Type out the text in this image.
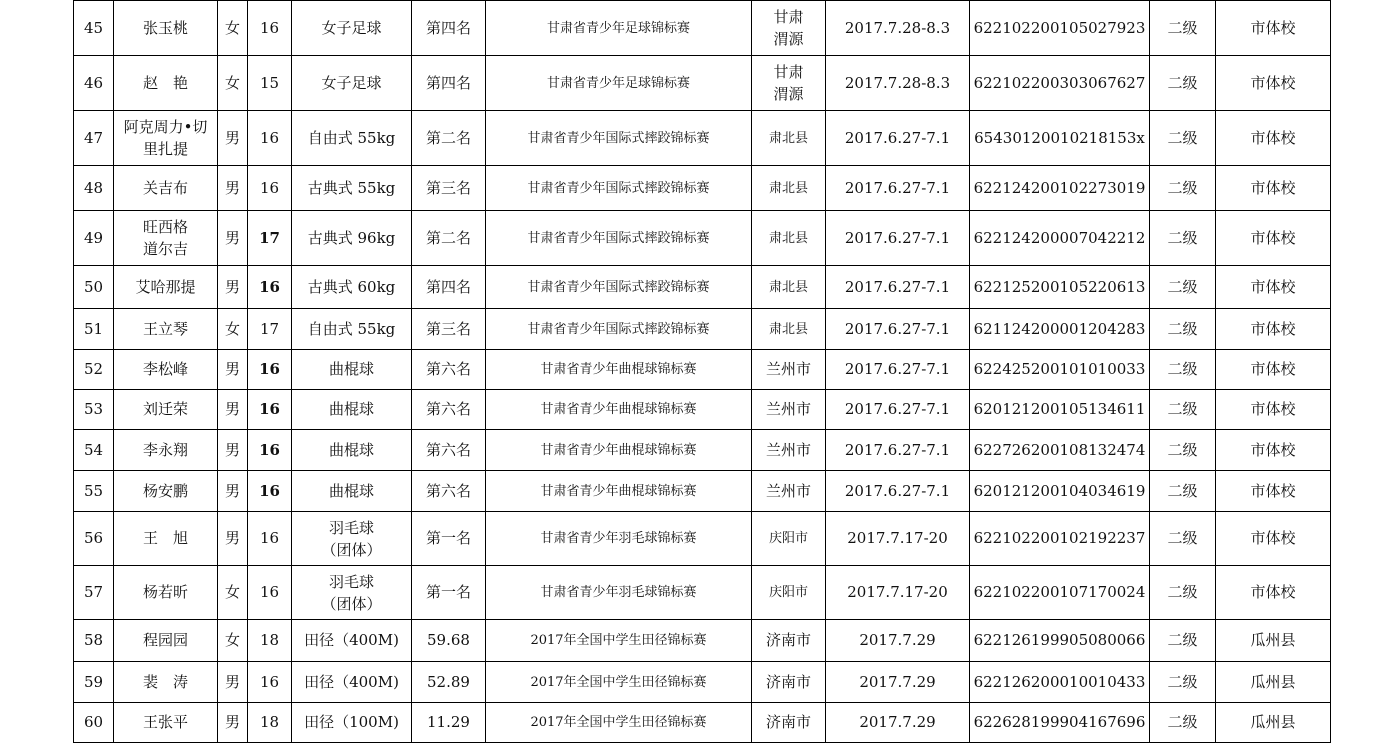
45	张玉桃	女	16	女子足球	第四名	甘肃省青少年足球锦标赛	甘肃
渭源	2017.7.28-8.3	622102200105027923	二级	市体校
46	赵　艳	女	15	女子足球	第四名	甘肃省青少年足球锦标赛	甘肃
渭源	2017.7.28-8.3	622102200303067627	二级	市体校
47	阿克周力•切
里扎提	男	16	自由式 55kg	第二名	甘肃省青少年国际式摔跤锦标赛	肃北县	2017.6.27-7.1	6543012001021815​3x	二级	市体校
48	关吉布	男	16	古典式 55kg	第三名	甘肃省青少年国际式摔跤锦标赛	肃北县	2017.6.27-7.1	622124200102273019	二级	市体校
49	旺西格
道尔吉	男	17	古典式 96kg	第二名	甘肃省青少年国际式摔跤锦标赛	肃北县	2017.6.27-7.1	622124200007042212	二级	市体校
50	艾哈那提	男	16	古典式 60kg	第四名	甘肃省青少年国际式摔跤锦标赛	肃北县	2017.6.27-7.1	622125200105220613	二级	市体校
51	王立琴	女	17	自由式 55kg	第三名	甘肃省青少年国际式摔跤锦标赛	肃北县	2017.6.27-7.1	621124200001204283	二级	市体校
52	李松峰	男	16	曲棍球	第六名	甘肃省青少年曲棍球锦标赛	兰州市	2017.6.27-7.1	622425200101010033	二级	市体校
53	刘迁荣	男	16	曲棍球	第六名	甘肃省青少年曲棍球锦标赛	兰州市	2017.6.27-7.1	620121200105134611	二级	市体校
54	李永翔	男	16	曲棍球	第六名	甘肃省青少年曲棍球锦标赛	兰州市	2017.6.27-7.1	622726200108132474	二级	市体校
55	杨安鹏	男	16	曲棍球	第六名	甘肃省青少年曲棍球锦标赛	兰州市	2017.6.27-7.1	620121200104034619	二级	市体校
56	王　旭	男	16	羽毛球
（团体）	第一名	甘肃省青少年羽毛球锦标赛	庆阳市	2017.7.17-20	622102200102192237	二级	市体校
57	杨若昕	女	16	羽毛球
（团体）	第一名	甘肃省青少年羽毛球锦标赛	庆阳市	2017.7.17-20	622102200107170024	二级	市体校
58	程园园	女	18	田径（400M)	59.68	2017年全国中学生田径锦标赛	济南市	2017.7.29	622126199905080066	二级	瓜州县
59	裴　涛	男	16	田径（400M)	52.89	2017年全国中学生田径锦标赛	济南市	2017.7.29	622126200010010433	二级	瓜州县
60	王张平	男	18	田径（100M)	11.29	2017年全国中学生田径锦标赛	济南市	2017.7.29	622628199904167696	二级	瓜州县
